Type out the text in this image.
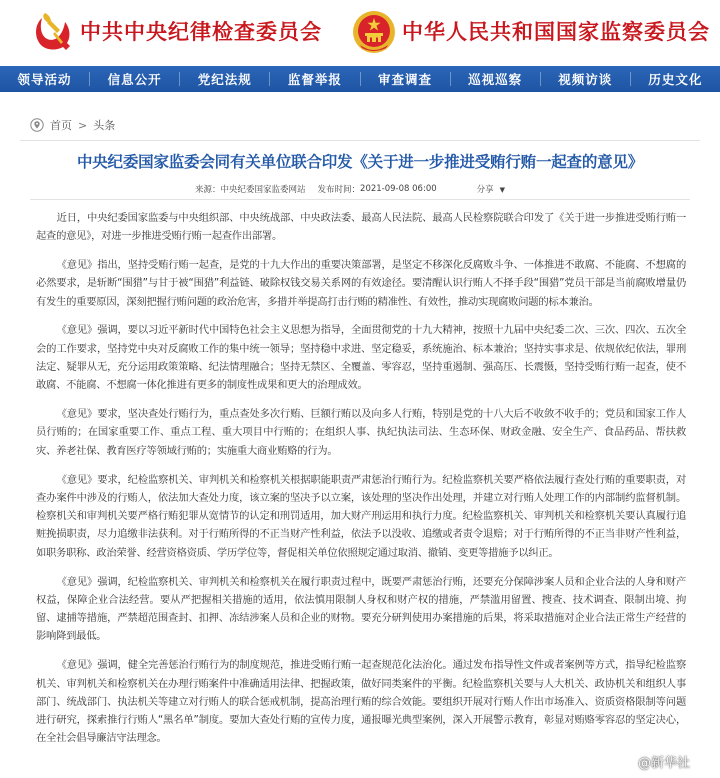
中共中央纪律检查委员会	中华人民共和国国家监察委员会
领导活动	信息公开	党纪法规	监督举报	审查调查	巡视巡察	视频访谈	历史文化
首页 > 头条
中央纪委国家监委会同有关单位联合印发《关于进一步推进受贿行贿一起查的意见》
来源： 中央纪委国家监委网站 发布时间： 2021-09-08 06:00	分享 ▼

近日，中央纪委国家监委与中央组织部、中央统战部、中央政法委、最高人民法院、最高人民检察院联合印发了《关于进一步推进受贿行贿一起查的意见》，对进一步推进受贿行贿一起查作出部署。

《意见》指出，坚持受贿行贿一起查，是党的十九大作出的重要决策部署，是坚定不移深化反腐败斗争、一体推进不敢腐、不能腐、不想腐的必然要求，是斩断“围猎”与甘于被“围猎”利益链、破除权钱交易关系网的有效途径。要清醒认识行贿人不择手段“围猎”党员干部是当前腐败增量仍有发生的重要原因，深刻把握行贿问题的政治危害，多措并举提高打击行贿的精准性、有效性，推动实现腐败问题的标本兼治。

《意见》强调，要以习近平新时代中国特色社会主义思想为指导，全面贯彻党的十九大精神，按照十九届中央纪委二次、三次、四次、五次全会的工作要求，坚持党中央对反腐败工作的集中统一领导；坚持稳中求进、坚定稳妥，系统施治、标本兼治；坚持实事求是、依规依纪依法，罪刑法定、疑罪从无，充分运用政策策略、纪法情理融合；坚持无禁区、全覆盖、零容忍，坚持重遏制、强高压、长震慑，坚持受贿行贿一起查，使不敢腐、不能腐、不想腐一体化推进有更多的制度性成果和更大的治理成效。

《意见》要求，坚决查处行贿行为，重点查处多次行贿、巨额行贿以及向多人行贿，特别是党的十八大后不收敛不收手的；党员和国家工作人员行贿的；在国家重要工作、重点工程、重大项目中行贿的；在组织人事、执纪执法司法、生态环保、财政金融、安全生产、食品药品、帮扶救灾、养老社保、教育医疗等领域行贿的；实施重大商业贿赂的行为。

《意见》要求，纪检监察机关、审判机关和检察机关根据职能职责严肃惩治行贿行为。纪检监察机关要严格依法履行查处行贿的重要职责，对查办案件中涉及的行贿人，依法加大查处力度，该立案的坚决予以立案，该处理的坚决作出处理，并建立对行贿人处理工作的内部制约监督机制。检察机关和审判机关要严格行贿犯罪从宽情节的认定和刑罚适用，加大财产刑运用和执行力度。纪检监察机关、审判机关和检察机关要认真履行追赃挽损职责，尽力追缴非法获利。对于行贿所得的不正当财产性利益，依法予以没收、追缴或者责令退赔；对于行贿所得的不正当非财产性利益，如职务职称、政治荣誉、经营资格资质、学历学位等，督促相关单位依照规定通过取消、撤销、变更等措施予以纠正。

《意见》强调，纪检监察机关、审判机关和检察机关在履行职责过程中，既要严肃惩治行贿，还要充分保障涉案人员和企业合法的人身和财产权益，保障企业合法经营。要从严把握相关措施的适用，依法慎用限制人身权和财产权的措施，严禁滥用留置、搜查、技术调查、限制出境、拘留、逮捕等措施，严禁超范围查封、扣押、冻结涉案人员和企业的财物。要充分研判使用办案措施的后果，将采取措施对企业合法正常生产经营的影响降到最低。

《意见》强调，健全完善惩治行贿行为的制度规范，推进受贿行贿一起查规范化法治化。通过发布指导性文件或者案例等方式，指导纪检监察机关、审判机关和检察机关在办理行贿案件中准确适用法律、把握政策，做好同类案件的平衡。纪检监察机关要与人大机关、政协机关和组织人事部门、统战部门、执法机关等建立对行贿人的联合惩戒机制，提高治理行贿的综合效能。要组织开展对行贿人作出市场准入、资质资格限制等问题进行研究，探索推行行贿人“黑名单”制度。要加大查处行贿的宣传力度，通报曝光典型案例，深入开展警示教育，彰显对贿赂零容忍的坚定决心，在全社会倡导廉洁守法理念。

@新华社
